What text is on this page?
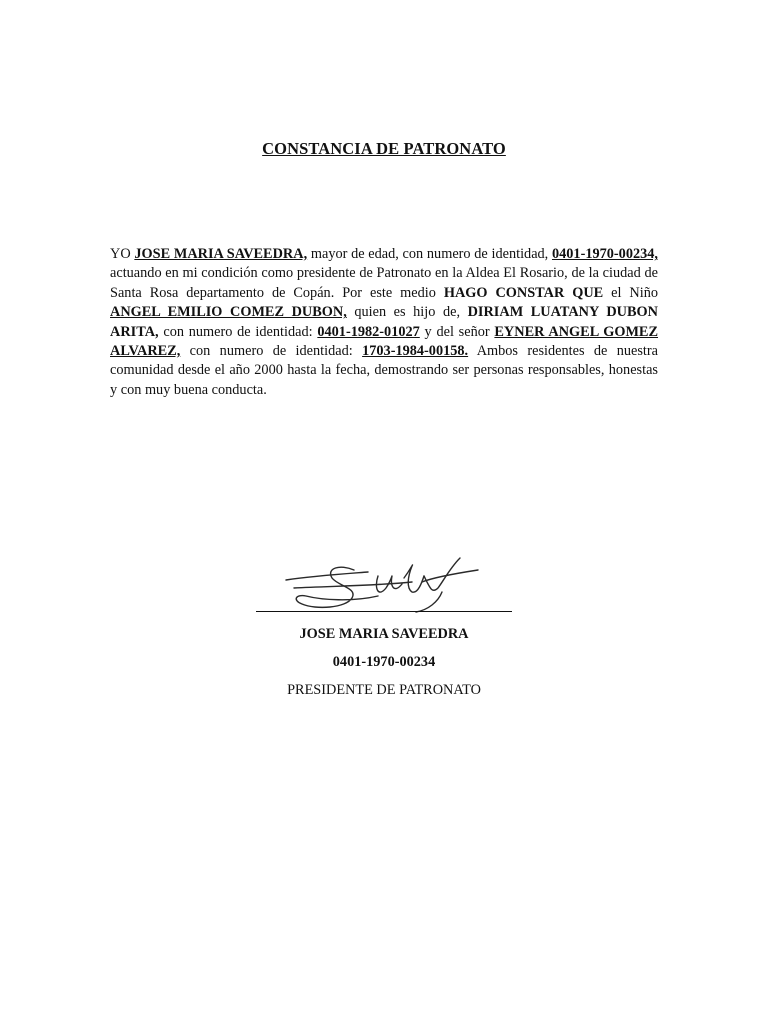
CONSTANCIA DE PATRONATO
YO JOSE MARIA SAVEEDRA, mayor de edad, con numero de identidad, 0401-1970-00234, actuando en mi condición como presidente de Patronato en la Aldea El Rosario, de la ciudad de Santa Rosa departamento de Copán. Por este medio HAGO CONSTAR QUE el Niño ANGEL EMILIO COMEZ DUBON, quien es hijo de, DIRIAM LUATANY DUBON ARITA, con numero de identidad: 0401-1982-01027 y del señor EYNER ANGEL GOMEZ ALVAREZ, con numero de identidad: 1703-1984-00158. Ambos residentes de nuestra comunidad desde el año 2000 hasta la fecha, demostrando ser personas responsables, honestas y con muy buena conducta.
JOSE MARIA SAVEEDRA
0401-1970-00234
PRESIDENTE DE PATRONATO
